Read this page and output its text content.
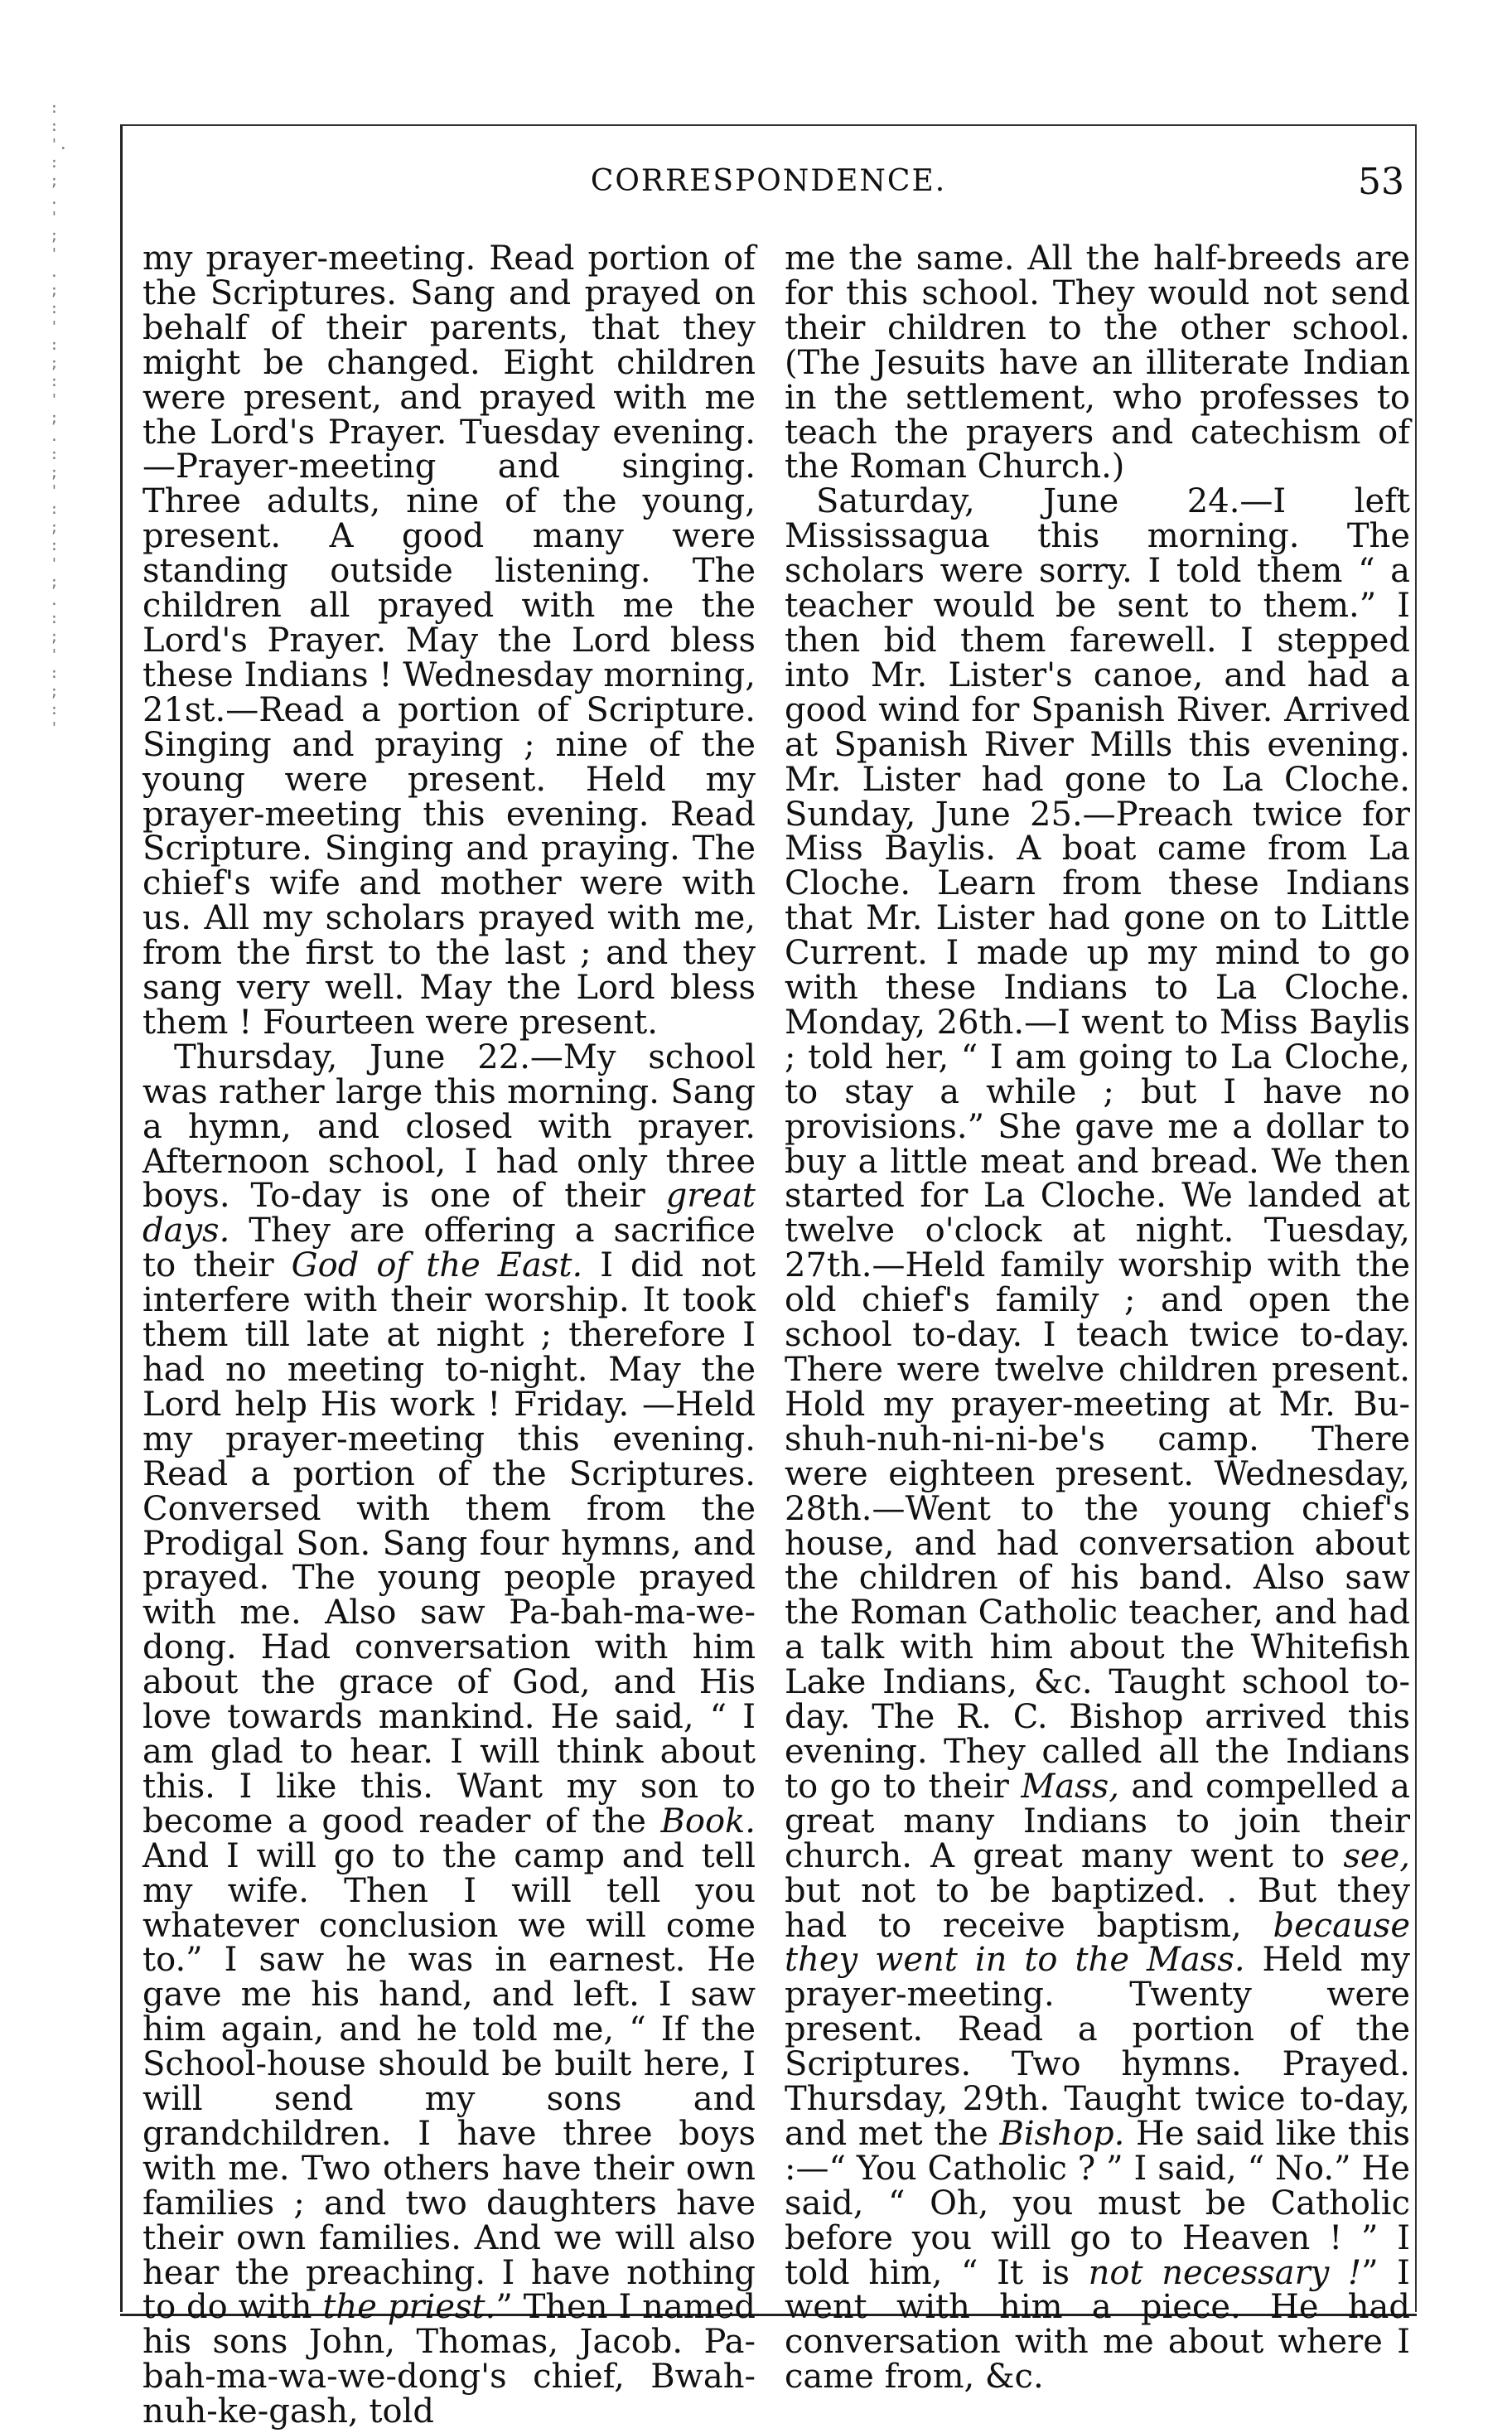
:
:
'.
:
;
.
'
;
'
.
;
:
'
:
;
:
'
;
.
:
;
'
:
;
:
'
;
.
:
;
'
:
;
:
'
CORRESPONDENCE.	53

my prayer-meeting. Read portion of the Scriptures. Sang and prayed on behalf of their parents, that they might be changed. Eight children were present, and prayed with me the Lord's Prayer. Tuesday evening.—Prayer-meeting and singing. Three adults, nine of the young, present. A good many were standing outside listening. The children all prayed with me the Lord's Prayer. May the Lord bless these Indians ! Wednesday morning, 21st.—Read a portion of Scripture. Singing and praying ; nine of the young were present. Held my prayer-meeting this evening. Read Scripture. Singing and praying. The chief's wife and mother were with us. All my scholars prayed with me, from the first to the last ; and they sang very well. May the Lord bless them ! Fourteen were present.

Thursday, June 22.—My school was rather large this morning. Sang a hymn, and closed with prayer. Afternoon school, I had only three boys. To-day is one of their great days. They are offering a sacrifice to their God of the East. I did not interfere with their worship. It took them till late at night ; therefore I had no meeting to-night. May the Lord help His work ! Friday. —Held my prayer-meeting this evening. Read a portion of the Scriptures. Conversed with them from the Prodigal Son. Sang four hymns, and prayed. The young people prayed with me. Also saw Pa-bah-ma-we-dong. Had conversation with him about the grace of God, and His love towards mankind. He said, “ I am glad to hear. I will think about this. I like this. Want my son to become a good reader of the Book. And I will go to the camp and tell my wife. Then I will tell you whatever conclusion we will come to.” I saw he was in earnest. He gave me his hand, and left. I saw him again, and he told me, “ If the School-house should be built here, I will send my sons and grandchildren. I have three boys with me. Two others have their own families ; and two daughters have their own families. And we will also hear the preaching. I have nothing to do with the priest.” Then I named his sons John, Thomas, Jacob. Pa-bah-ma-wa-we-dong's chief, Bwah-nuh-ke-gash, told

me the same. All the half-breeds are for this school. They would not send their children to the other school. (The Jesuits have an illiterate Indian in the settlement, who professes to teach the prayers and catechism of the Roman Church.)

Saturday, June 24.—I left Mississagua this morning. The scholars were sorry. I told them “ a teacher would be sent to them.” I then bid them farewell. I stepped into Mr. Lister's canoe, and had a good wind for Spanish River. Arrived at Spanish River Mills this evening. Mr. Lister had gone to La Cloche. Sunday, June 25.—Preach twice for Miss Baylis. A boat came from La Cloche. Learn from these Indians that Mr. Lister had gone on to Little Current. I made up my mind to go with these Indians to La Cloche. Monday, 26th.—I went to Miss Baylis ; told her, “ I am going to La Cloche, to stay a while ; but I have no provisions.” She gave me a dollar to buy a little meat and bread. We then started for La Cloche. We landed at twelve o'clock at night. Tuesday, 27th.—Held family worship with the old chief's family ; and open the school to-day. I teach twice to-day. There were twelve children present. Hold my prayer-meeting at Mr. Bu-shuh-nuh-ni-ni-be's camp. There were eighteen present. Wednesday, 28th.—Went to the young chief's house, and had conversation about the children of his band. Also saw the Roman Catholic teacher, and had a talk with him about the Whitefish Lake Indians, &c. Taught school to-day. The R. C. Bishop arrived this evening. They called all the Indians to go to their Mass, and compelled a great many Indians to join their church. A great many went to see, but not to be baptized. . But they had to receive baptism, because they went in to the Mass. Held my prayer-meeting. Twenty were present. Read a portion of the Scriptures. Two hymns. Prayed. Thursday, 29th. Taught twice to-day, and met the Bishop. He said like this :—“ You Catholic ? ” I said, “ No.” He said, “ Oh, you must be Catholic before you will go to Heaven ! ” I told him, “ It is not necessary !” I went with him a piece. He had conversation with me about where I came from, &c.
